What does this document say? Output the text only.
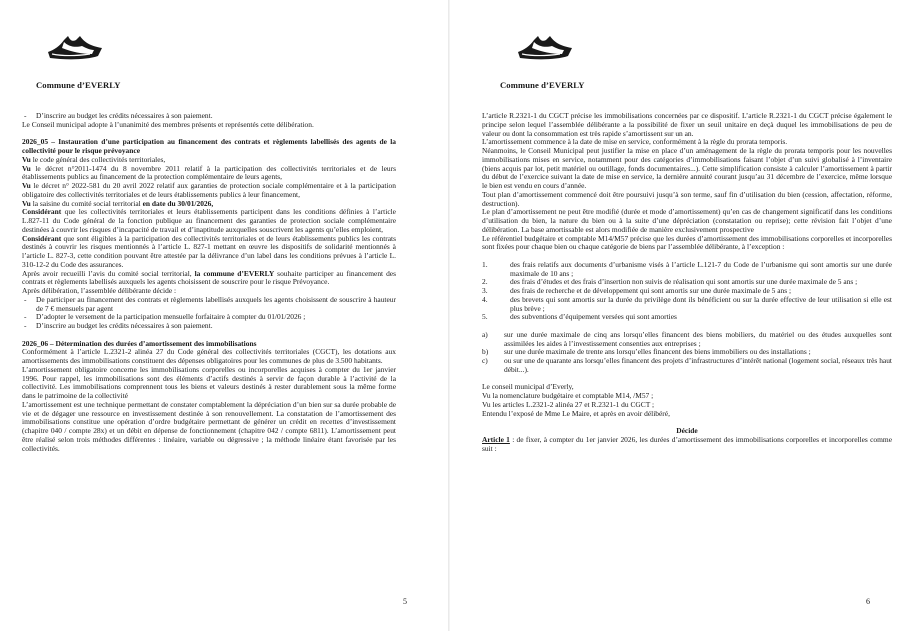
Commune d’EVERLY

- D’inscrire au budget les crédits nécessaires à son paiement.

Le Conseil municipal adopte à l’unanimité des membres présents et représentés cette délibération.

2026_05 – Instauration d’une participation au financement des contrats et règlements labellisés des agents de la collectivité pour le risque prévoyance

Vu le code général des collectivités territoriales,

Vu le décret n°2011-1474 du 8 novembre 2011 relatif à la participation des collectivités territoriales et de leurs établissements publics au financement de la protection complémentaire de leurs agents,

Vu le décret n° 2022-581 du 20 avril 2022 relatif aux garanties de protection sociale complémentaire et à la participation obligatoire des collectivités territoriales et de leurs établissements publics à leur financement,

Vu la saisine du comité social territorial en date du 30/01/2026,

Considérant que les collectivités territoriales et leurs établissements participent dans les conditions définies à l’article L.827-11 du Code général de la fonction publique au financement des garanties de protection sociale complémentaire destinées à couvrir les risques d’incapacité de travail et d’inaptitude auxquelles souscrivent les agents qu’elles emploient,

Considérant que sont éligibles à la participation des collectivités territoriales et de leurs établissements publics les contrats destinés à couvrir les risques mentionnés à l’article L. 827-1 mettant en œuvre les dispositifs de solidarité mentionnés à l’article L. 827-3, cette condition pouvant être attestée par la délivrance d’un label dans les conditions prévues à l’article L. 310-12-2 du Code des assurances.

Après avoir recueilli l’avis du comité social territorial, la commune d’EVERLY souhaite participer au financement des contrats et règlements labellisés auxquels les agents choisissent de souscrire pour le risque Prévoyance.

Après délibération, l’assemblée délibérante décide :

- De participer au financement des contrats et règlements labellisés auxquels les agents choisissent de souscrire à hauteur de 7 € mensuels par agent

- D’adopter le versement de la participation mensuelle forfaitaire à compter du 01/01/2026 ;

- D’inscrire au budget les crédits nécessaires à son paiement.

2026_06 – Détermination des durées d’amortissement des immobilisations

Conformément à l’article L.2321-2 alinéa 27 du Code général des collectivités territoriales (CGCT), les dotations aux amortissements des immobilisations constituent des dépenses obligatoires pour les communes de plus de 3.500 habitants.

L’amortissement obligatoire concerne les immobilisations corporelles ou incorporelles acquises à compter du 1er janvier 1996. Pour rappel, les immobilisations sont des éléments d’actifs destinés à servir de façon durable à l’activité de la collectivité. Les immobilisations comprennent tous les biens et valeurs destinés à rester durablement sous la même forme dans le patrimoine de la collectivité

L’amortissement est une technique permettant de constater comptablement la dépréciation d’un bien sur sa durée probable de vie et de dégager une ressource en investissement destinée à son renouvellement. La constatation de l’amortissement des immobilisations constitue une opération d’ordre budgétaire permettant de générer un crédit en recettes d’investissement (chapitre 040 / compte 28x) et un débit en dépense de fonctionnement (chapitre 042 / compte 6811). L’amortissement peut être réalisé selon trois méthodes différentes : linéaire, variable ou dégressive ; la méthode linéaire étant favorisée par les collectivités.

5
Commune d’EVERLY

L’article R.2321-1 du CGCT précise les immobilisations concernées par ce dispositif. L’article R.2321-1 du CGCT précise également le principe selon lequel l’assemblée délibérante a la possibilité de fixer un seuil unitaire en deçà duquel les immobilisations de peu de valeur ou dont la consommation est très rapide s’amortissent sur un an.

L’amortissement commence à la date de mise en service, conformément à la règle du prorata temporis.

Néanmoins, le Conseil Municipal peut justifier la mise en place d’un aménagement de la règle du prorata temporis pour les nouvelles immobilisations mises en service, notamment pour des catégories d’immobilisations faisant l’objet d’un suivi globalisé à l’inventaire (biens acquis par lot, petit matériel ou outillage, fonds documentaires...). Cette simplification consiste à calculer l’amortissement à partir du début de l’exercice suivant la date de mise en service, la dernière annuité courant jusqu’au 31 décembre de l’exercice, même lorsque le bien est vendu en cours d’année.

Tout plan d’amortissement commencé doit être poursuivi jusqu’à son terme, sauf fin d’utilisation du bien (cession, affectation, réforme, destruction).

Le plan d’amortissement ne peut être modifié (durée et mode d’amortissement) qu’en cas de changement significatif dans les conditions d’utilisation du bien, la nature du bien ou à la suite d’une dépréciation (constatation ou reprise); cette révision fait l’objet d’une délibération. La base amortissable est alors modifiée de manière exclusivement prospective

Le référentiel budgétaire et comptable M14/M57 précise que les durées d’amortissement des immobilisations corporelles et incorporelles sont fixées pour chaque bien ou chaque catégorie de biens par l’assemblée délibérante, à l’exception :

1.	des frais relatifs aux documents d’urbanisme visés à l’article L.121-7 du Code de l’urbanisme qui sont amortis sur une durée maximale de 10 ans ;
2.	des frais d’études et des frais d’insertion non suivis de réalisation qui sont amortis sur une durée maximale de 5 ans ;
3.	des frais de recherche et de développement qui sont amortis sur une durée maximale de 5 ans ;
4.	des brevets qui sont amortis sur la durée du privilège dont ils bénéficient ou sur la durée effective de leur utilisation si elle est plus brève ;
5.	des subventions d’équipement versées qui sont amorties
a)	sur une durée maximale de cinq ans lorsqu’elles financent des biens mobiliers, du matériel ou des études auxquelles sont assimilées les aides à l’investissement consenties aux entreprises ;
b)	sur une durée maximale de trente ans lorsqu’elles financent des biens immobiliers ou des installations ;
c)	ou sur une de quarante ans lorsqu’elles financent des projets d’infrastructures d’intérêt national (logement social, réseaux très haut débit...).

Le conseil municipal d’Everly,

Vu la nomenclature budgétaire et comptable M14, /M57 ;

Vu les articles L.2321-2 alinéa 27 et R.2321-1 du CGCT ;

Entendu l’exposé de Mme Le Maire, et après en avoir délibéré,

Décide

Article 1 : de fixer, à compter du 1er janvier 2026, les durées d’amortissement des immobilisations corporelles et incorporelles comme suit :

6
